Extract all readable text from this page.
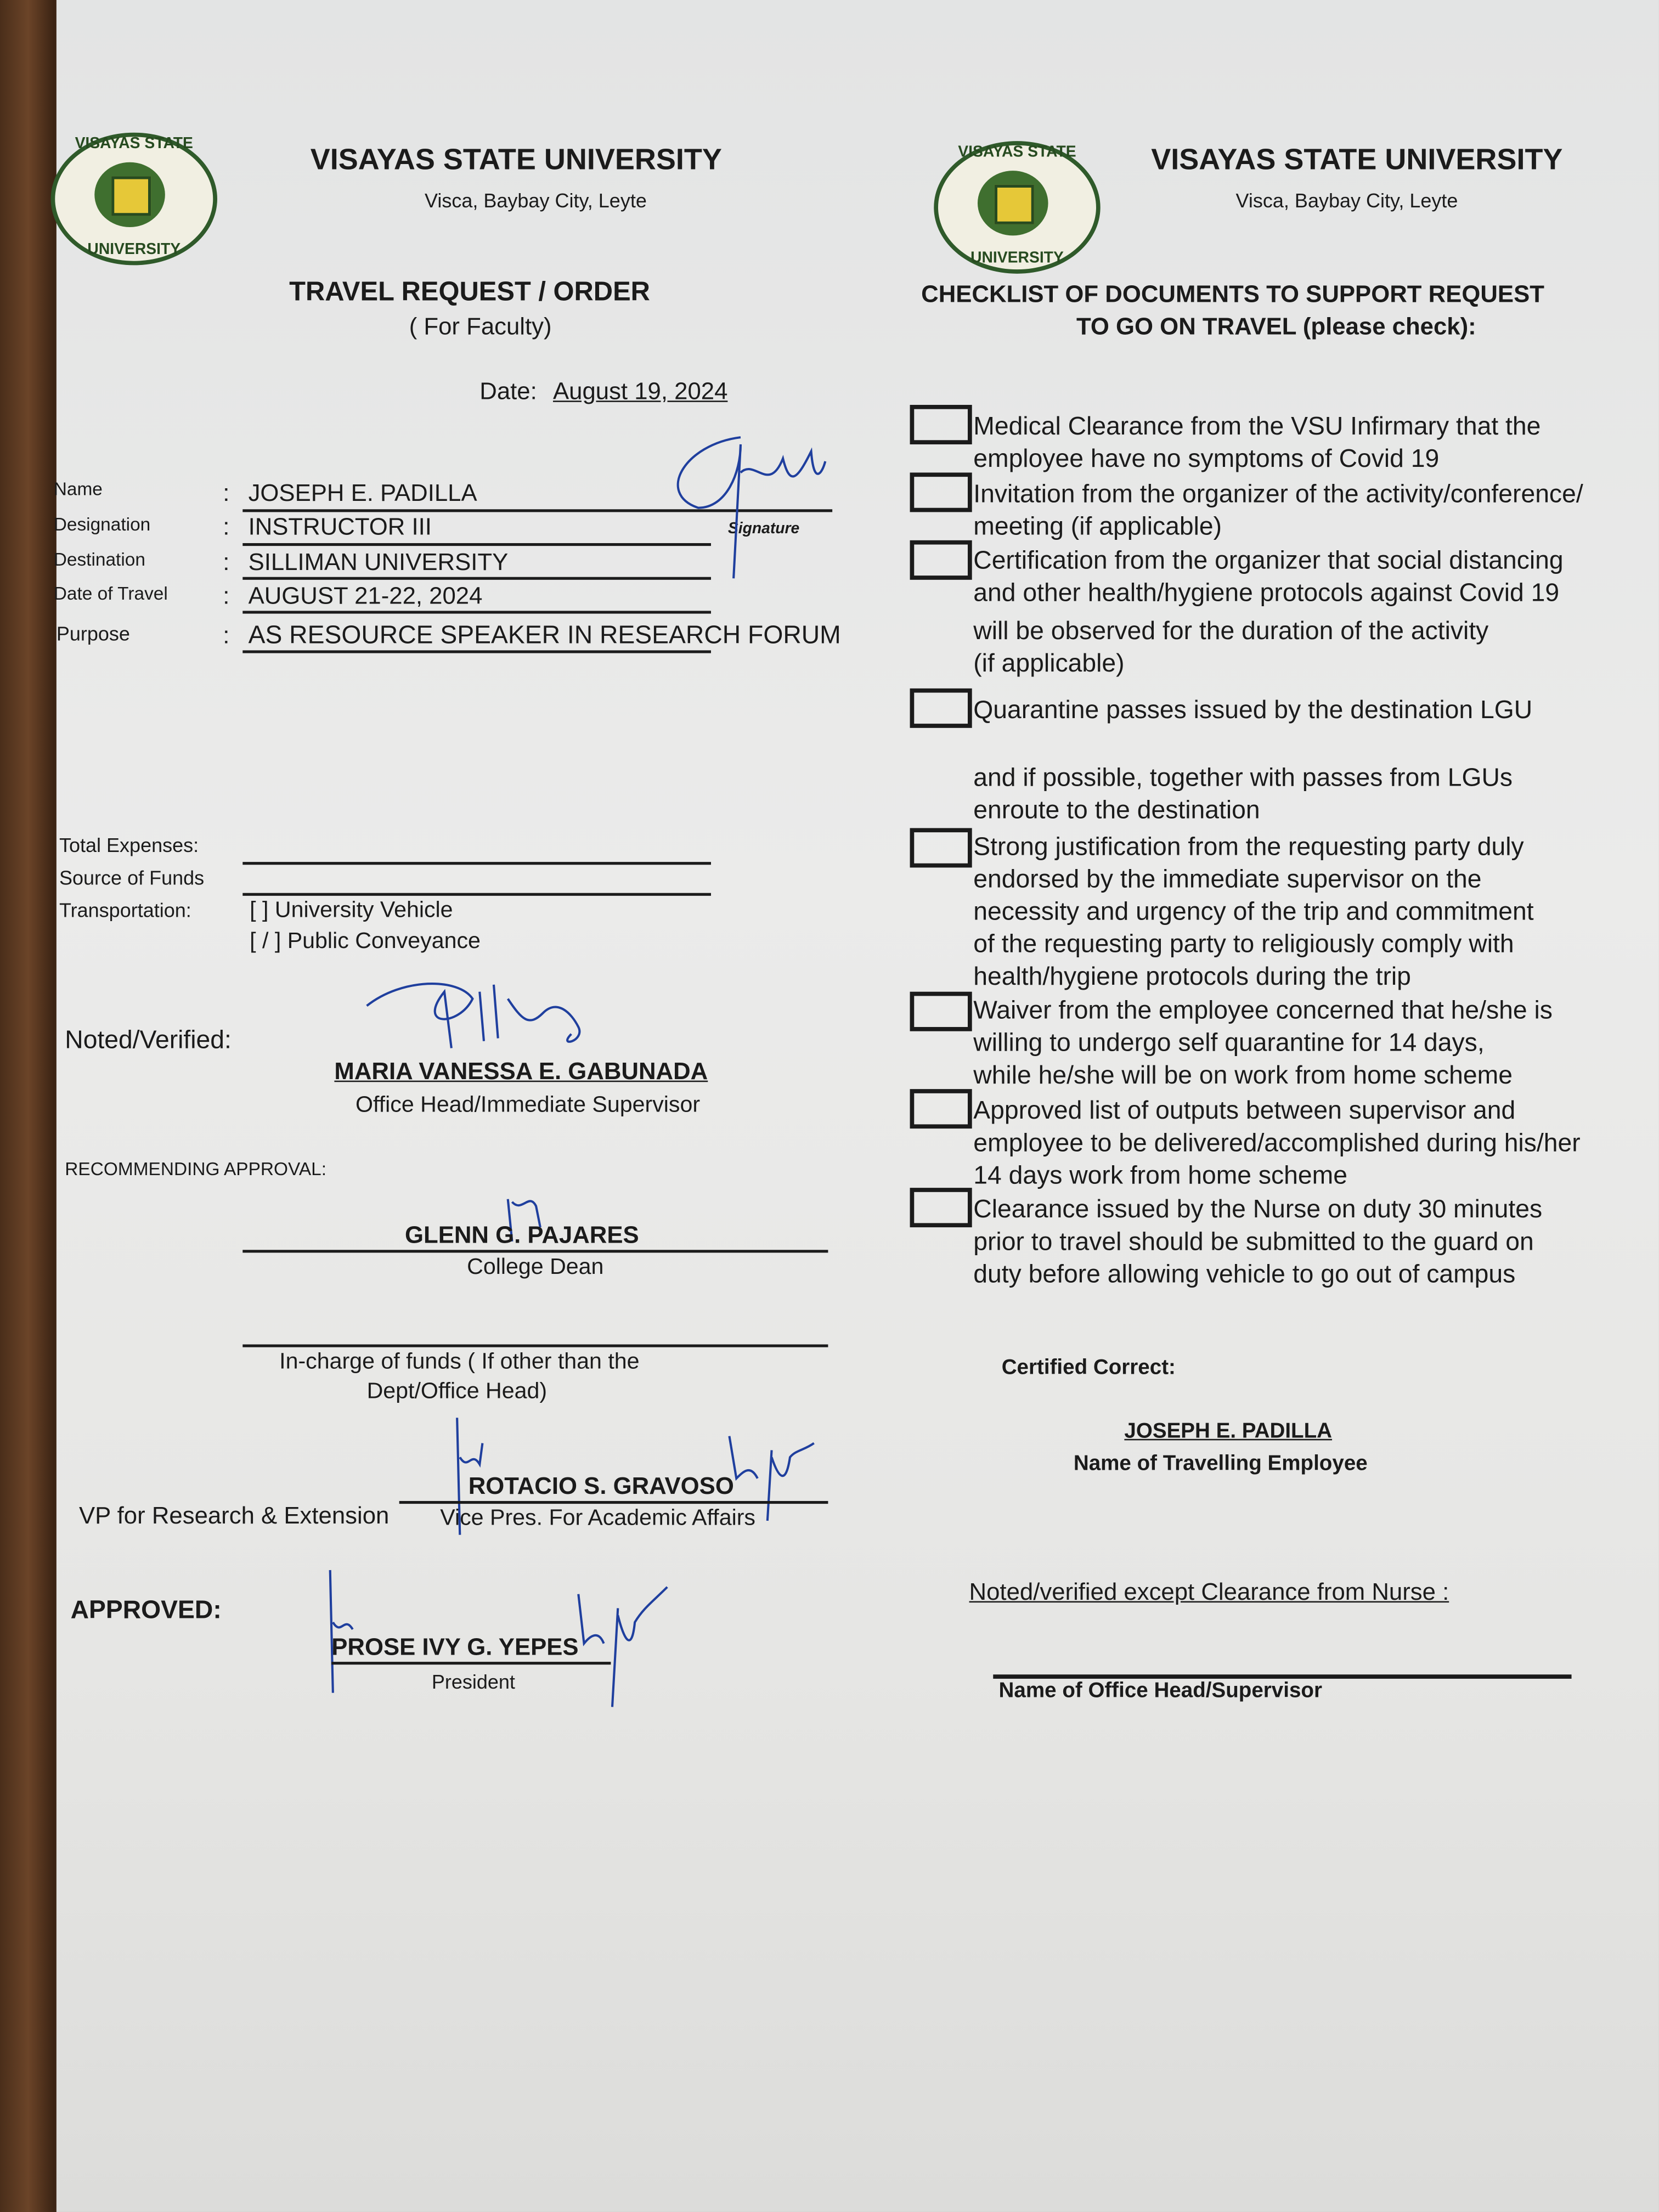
VISAYAS STATE
UNIVERSITY
VISAYAS STATE UNIVERSITY
Visca, Baybay City, Leyte
TRAVEL REQUEST / ORDER
( For Faculty)
Date: August 19, 2024
Name	: JOSEPH E. PADILLA
Designation	: INSTRUCTOR III	Signature
Destination	: SILLIMAN UNIVERSITY
Date of Travel	: AUGUST 21-22, 2024
Purpose	: AS RESOURCE SPEAKER IN RESEARCH FORUM
Total Expenses:
Source of Funds
Transportation:	[ ] University Vehicle
[ / ] Public Conveyance
Noted/Verified:
MARIA VANESSA E. GABUNADA
Office Head/Immediate Supervisor
RECOMMENDING APPROVAL:
GLENN G. PAJARES
College Dean
In-charge of funds ( If other than the
Dept/Office Head)
ROTACIO S. GRAVOSO
VP for Research & Extension	Vice Pres. For Academic Affairs
APPROVED:
PROSE IVY G. YEPES
President
VISAYAS STATE
UNIVERSITY
VISAYAS STATE UNIVERSITY
Visca, Baybay City, Leyte
CHECKLIST OF DOCUMENTS TO SUPPORT REQUEST
TO GO ON TRAVEL (please check):
Medical Clearance from the VSU Infirmary that the
employee have no symptoms of Covid 19
Invitation from the organizer of the activity/conference/
meeting (if applicable)
Certification from the organizer that social distancing
and other health/hygiene protocols against Covid 19
will be observed for the duration of the activity
(if applicable)
Quarantine passes issued by the destination LGU
and if possible, together with passes from LGUs
enroute to the destination
Strong justification from the requesting party duly
endorsed by the immediate supervisor on the
necessity and urgency of the trip and commitment
of the requesting party to religiously comply with
health/hygiene protocols during the trip
Waiver from the employee concerned that he/she is
willing to undergo self quarantine for 14 days,
while he/she will be on work from home scheme
Approved list of outputs between supervisor and
employee to be delivered/accomplished during his/her
14 days work from home scheme
Clearance issued by the Nurse on duty 30 minutes
prior to travel should be submitted to the guard on
duty before allowing vehicle to go out of campus
Certified Correct:
JOSEPH E. PADILLA
Name of Travelling Employee
Noted/verified except Clearance from Nurse :
Name of Office Head/Supervisor
